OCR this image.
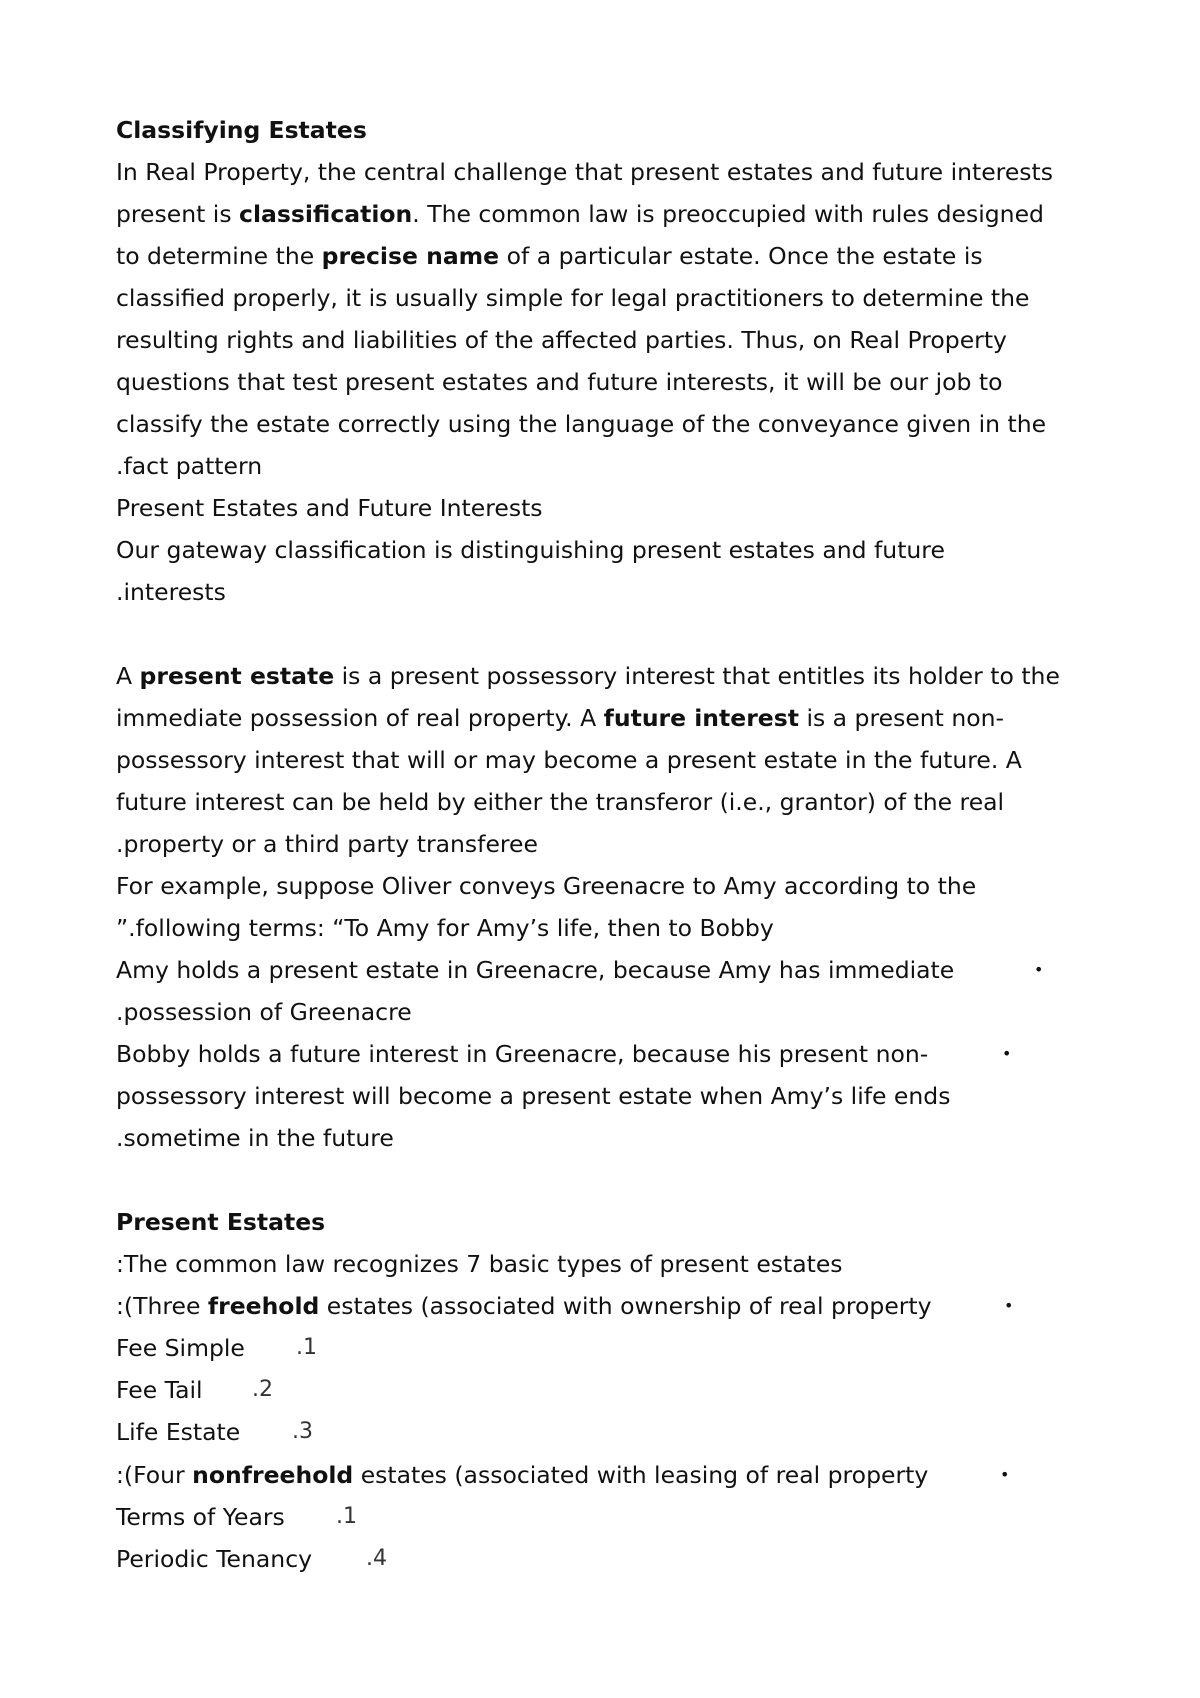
Classifying Estates
In Real Property, the central challenge that present estates and future interests
present is classification. The common law is preoccupied with rules designed
to determine the precise name of a particular estate. Once the estate is
classified properly, it is usually simple for legal practitioners to determine the
resulting rights and liabilities of the affected parties. Thus, on Real Property
questions that test present estates and future interests, it will be our job to
classify the estate correctly using the language of the conveyance given in the
.fact pattern
Present Estates and Future Interests
Our gateway classification is distinguishing present estates and future
.interests
A present estate is a present possessory interest that entitles its holder to the
immediate possession of real property. A future interest is a present non-
possessory interest that will or may become a present estate in the future. A
future interest can be held by either the transferor (i.e., grantor) of the real
.property or a third party transferee
For example, suppose Oliver conveys Greenacre to Amy according to the
”.following terms: “To Amy for Amy’s life, then to Bobby
Amy holds a present estate in Greenacre, because Amy has immediate	•
.possession of Greenacre
Bobby holds a future interest in Greenacre, because his present non-	•
possessory interest will become a present estate when Amy’s life ends
.sometime in the future
Present Estates
:The common law recognizes 7 basic types of present estates
:(Three freehold estates (associated with ownership of real property	•
Fee Simple .1
Fee Tail .2
Life Estate .3
:(Four nonfreehold estates (associated with leasing of real property	•
Terms of Years .1
Periodic Tenancy .4
